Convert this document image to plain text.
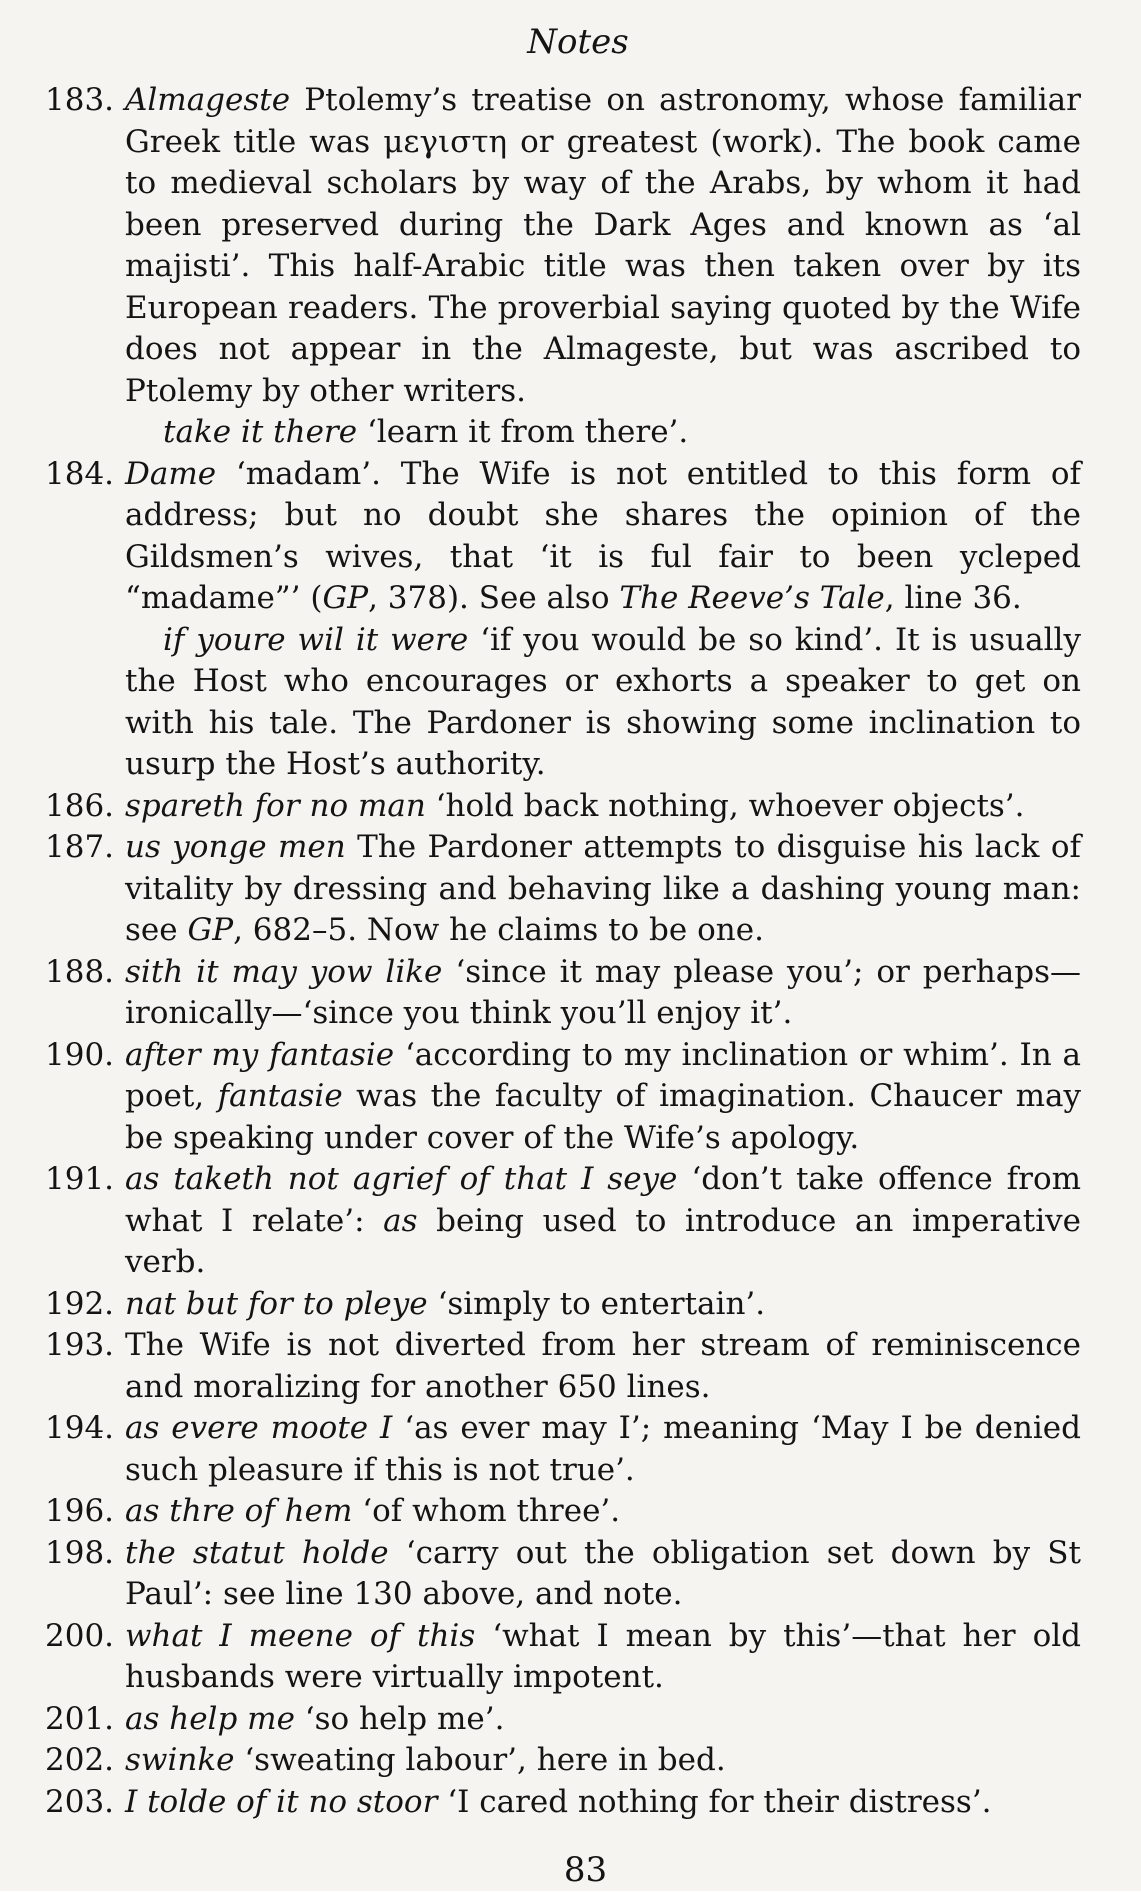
Notes
183. Almageste Ptolemy’s treatise on astronomy, whose familiar Greek title was μεγιστη or greatest (work). The book came to medieval scholars by way of the Arabs, by whom it had been preserved during the Dark Ages and known as ‘al majisti’. This half-Arabic title was then taken over by its European readers. The proverbial saying quoted by the Wife does not appear in the Almageste, but was ascribed to Ptolemy by other writers.
take it there ‘learn it from there’.
184. Dame ‘madam’. The Wife is not entitled to this form of address; but no doubt she shares the opinion of the Gildsmen’s wives, that ‘it is ful fair to been ycleped “madame”’ (GP, 378). See also The Reeve’s Tale, line 36.
if youre wil it were ‘if you would be so kind’. It is usually the Host who encourages or exhorts a speaker to get on with his tale. The Pardoner is showing some inclination to usurp the Host’s authority.
186. spareth for no man ‘hold back nothing, whoever objects’.
187. us yonge men The Pardoner attempts to disguise his lack of vitality by dressing and behaving like a dashing young man: see GP, 682–5. Now he claims to be one.
188. sith it may yow like ‘since it may please you’; or perhaps—ironically—‘since you think you’ll enjoy it’.
190. after my fantasie ‘according to my inclination or whim’. In a poet, fantasie was the faculty of imagination. Chaucer may be speaking under cover of the Wife’s apology.
191. as taketh not agrief of that I seye ‘don’t take offence from what I relate’: as being used to introduce an imperative verb.
192. nat but for to pleye ‘simply to entertain’.
193. The Wife is not diverted from her stream of reminiscence and moralizing for another 650 lines.
194. as evere moote I ‘as ever may I’; meaning ‘May I be denied such pleasure if this is not true’.
196. as thre of hem ‘of whom three’.
198. the statut holde ‘carry out the obligation set down by St Paul’: see line 130 above, and note.
200. what I meene of this ‘what I mean by this’—that her old husbands were virtually impotent.
201. as help me ‘so help me’.
202. swinke ‘sweating labour’, here in bed.
203. I tolde of it no stoor ‘I cared nothing for their distress’.
83
